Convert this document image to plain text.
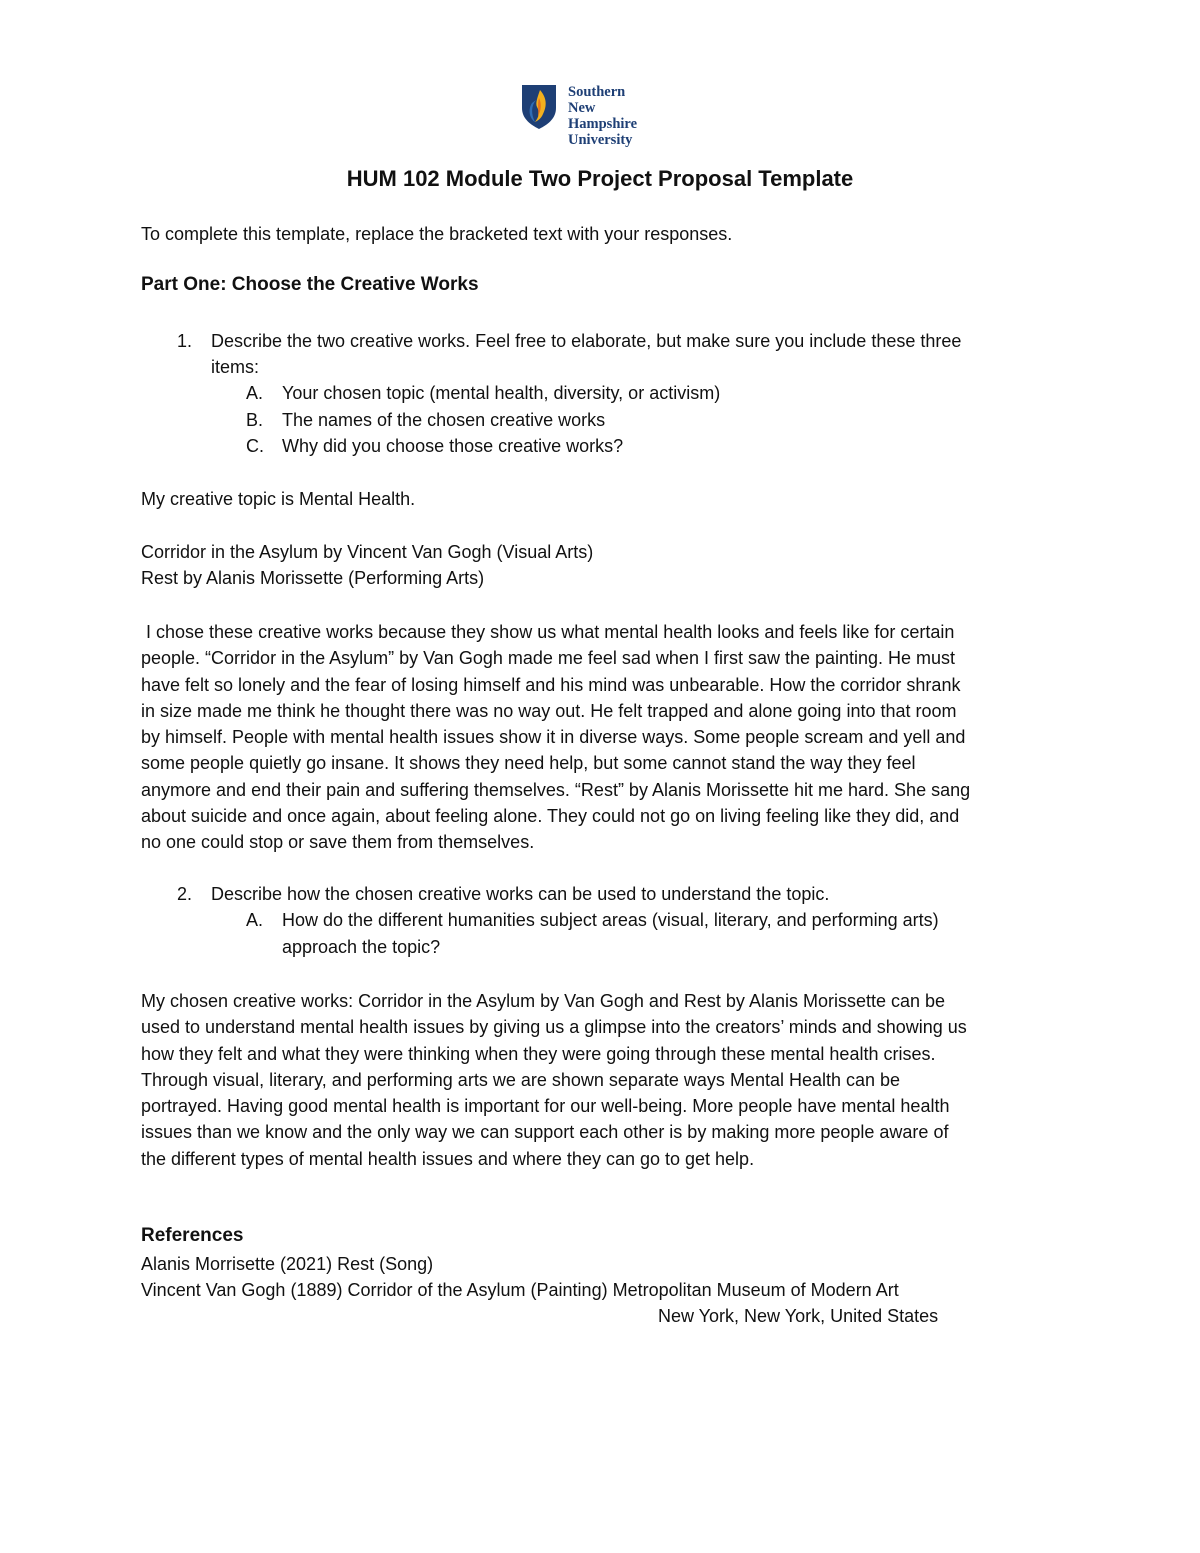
Southern
New Hampshire
University
HUM 102 Module Two Project Proposal Template
To complete this template, replace the bracketed text with your responses.
Part One: Choose the Creative Works
1. Describe the two creative works. Feel free to elaborate, but make sure you include these three
items:
A. Your chosen topic (mental health, diversity, or activism)
B. The names of the chosen creative works
C. Why did you choose those creative works?
My creative topic is Mental Health.
Corridor in the Asylum by Vincent Van Gogh (Visual Arts)
Rest by Alanis Morissette (Performing Arts)
I chose these creative works because they show us what mental health looks and feels like for certain
people. “Corridor in the Asylum” by Van Gogh made me feel sad when I first saw the painting. He must
have felt so lonely and the fear of losing himself and his mind was unbearable. How the corridor shrank
in size made me think he thought there was no way out. He felt trapped and alone going into that room
by himself. People with mental health issues show it in diverse ways. Some people scream and yell and
some people quietly go insane. It shows they need help, but some cannot stand the way they feel
anymore and end their pain and suffering themselves. “Rest” by Alanis Morissette hit me hard. She sang
about suicide and once again, about feeling alone. They could not go on living feeling like they did, and
no one could stop or save them from themselves.
2. Describe how the chosen creative works can be used to understand the topic.
A. How do the different humanities subject areas (visual, literary, and performing arts)
approach the topic?
My chosen creative works: Corridor in the Asylum by Van Gogh and Rest by Alanis Morissette can be
used to understand mental health issues by giving us a glimpse into the creators’ minds and showing us
how they felt and what they were thinking when they were going through these mental health crises.
Through visual, literary, and performing arts we are shown separate ways Mental Health can be
portrayed. Having good mental health is important for our well-being. More people have mental health
issues than we know and the only way we can support each other is by making more people aware of
the different types of mental health issues and where they can go to get help.
References
Alanis Morrisette (2021) Rest (Song)
Vincent Van Gogh (1889) Corridor of the Asylum (Painting) Metropolitan Museum of Modern Art
New York, New York, United States
